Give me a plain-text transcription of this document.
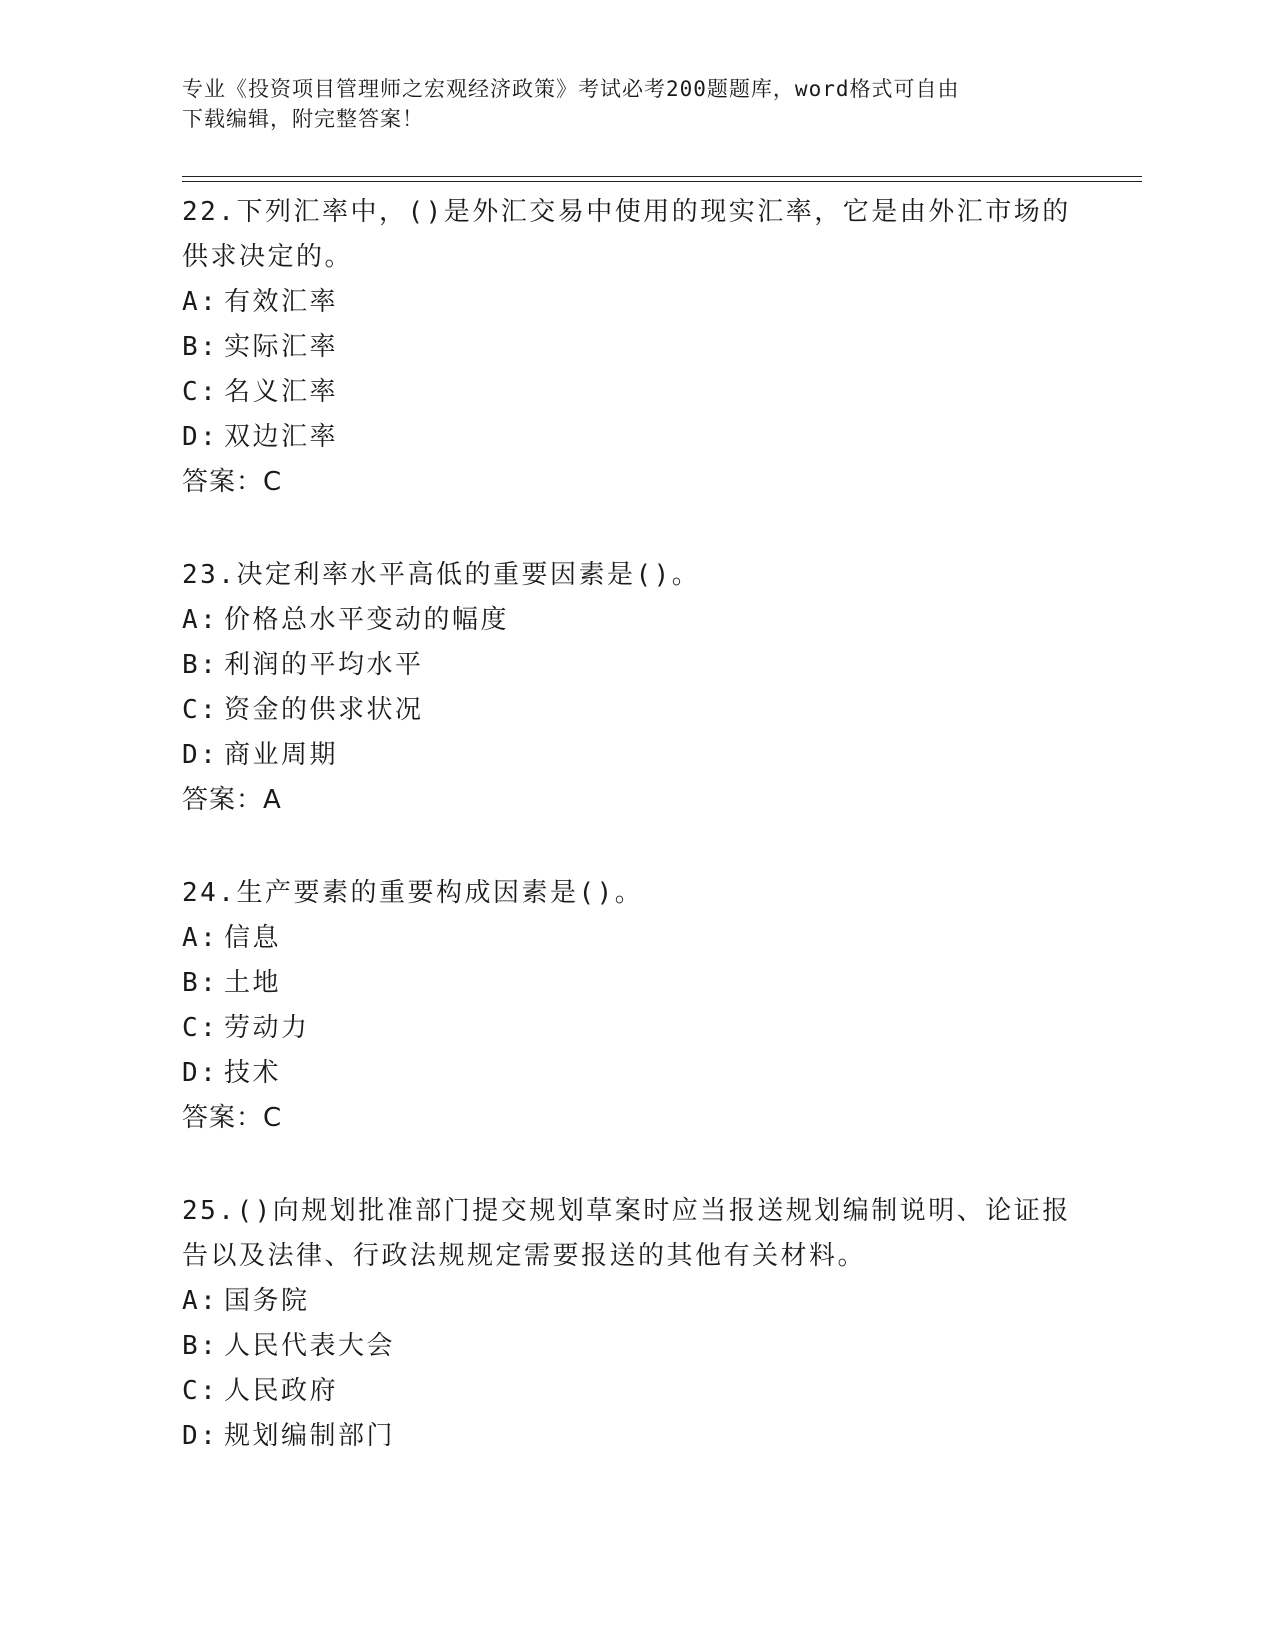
专业《投资项目管理师之宏观经济政策》考试必考200题题库，word格式可自由

下载编辑，附完整答案！

22.下列汇率中，()是外汇交易中使用的现实汇率，它是由外汇市场的供求决定的。

A: 有效汇率
B: 实际汇率
C: 名义汇率
D: 双边汇率
答案：C

23.决定利率水平高低的重要因素是()。

A: 价格总水平变动的幅度
B: 利润的平均水平
C: 资金的供求状况
D: 商业周期
答案：A

24.生产要素的重要构成因素是()。

A: 信息
B: 土地
C: 劳动力
D: 技术
答案：C

25.()向规划批准部门提交规划草案时应当报送规划编制说明、论证报告以及法律、行政法规规定需要报送的其他有关材料。

A: 国务院
B: 人民代表大会
C: 人民政府
D: 规划编制部门
